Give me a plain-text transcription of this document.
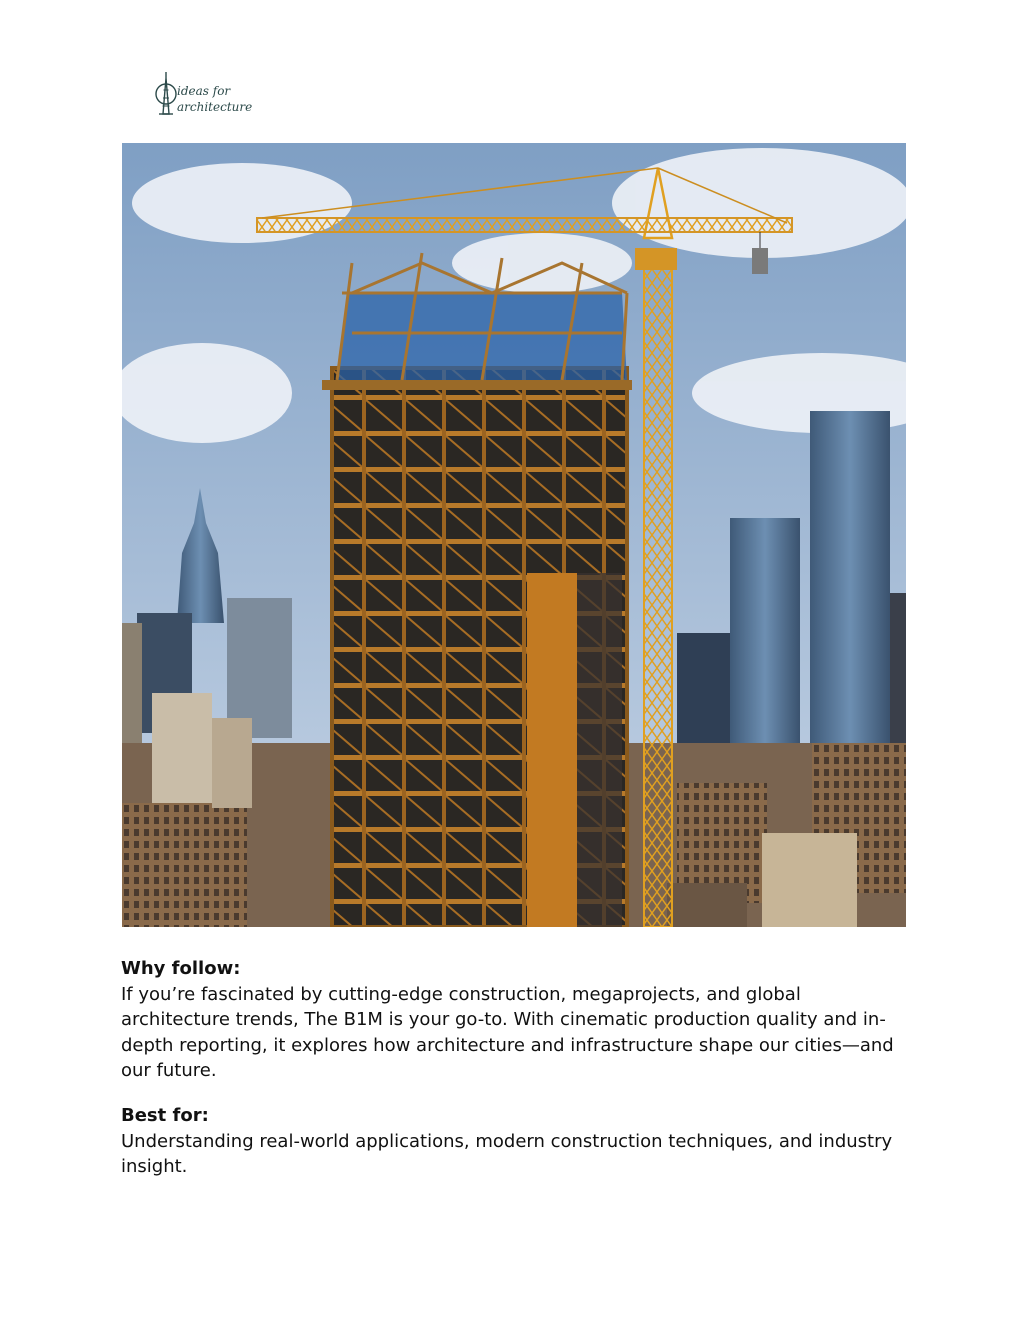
ideas for
architecture
Why follow:

If you’re fascinated by cutting-edge construction, megaprojects, and global architecture trends, The B1M is your go-to. With cinematic production quality and in-depth reporting, it explores how architecture and infrastructure shape our cities—and our future.

Best for:

Understanding real-world applications, modern construction techniques, and industry insight.
